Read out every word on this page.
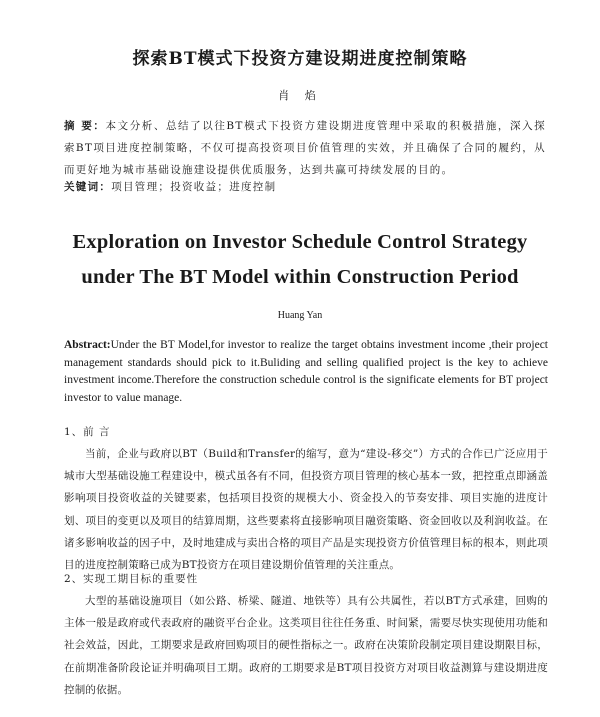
探索BT模式下投资方建设期进度控制策略
肖 焰
摘 要：本文分析、总结了以往BT模式下投资方建设期进度管理中采取的积极措施，深入探索BT项目进度控制策略，不仅可提高投资项目价值管理的实效，并且确保了合同的履约，从而更好地为城市基础设施建设提供优质服务，达到共赢可持续发展的目的。
关键词：项目管理；投资收益；进度控制
Exploration on Investor Schedule Control Strategy
under The BT Model within Construction Period
Huang Yan
Abstract:Under the BT Model,for investor to realize the target obtains investment income ,their project management standards should pick to it.Buliding and selling qualified project is the key to achieve investment income.Therefore the construction schedule control is the significate elements for BT project investor to value manage.
1、前 言
当前，企业与政府以BT（Build和Transfer的缩写，意为“建设-移交”）方式的合作已广泛应用于城市大型基础设施工程建设中，模式虽各有不同，但投资方项目管理的核心基本一致，把控重点即涵盖影响项目投资收益的关键要素，包括项目投资的规模大小、资金投入的节奏安排、项目实施的进度计划、项目的变更以及项目的结算周期，这些要素将直接影响项目融资策略、资金回收以及利润收益。在诸多影响收益的因子中，及时地建成与卖出合格的项目产品是实现投资方价值管理目标的根本，则此项目的进度控制策略已成为BT投资方在项目建设期价值管理的关注重点。
2、实现工期目标的重要性
大型的基础设施项目（如公路、桥梁、隧道、地铁等）具有公共属性，若以BT方式承建，回购的主体一般是政府或代表政府的融资平台企业。这类项目往往任务重、时间紧，需要尽快实现使用功能和社会效益，因此，工期要求是政府回购项目的硬性指标之一。政府在决策阶段制定项目建设期限目标，在前期准备阶段论证并明确项目工期。政府的工期要求是BT项目投资方对项目收益测算与建设期进度控制的依据。
